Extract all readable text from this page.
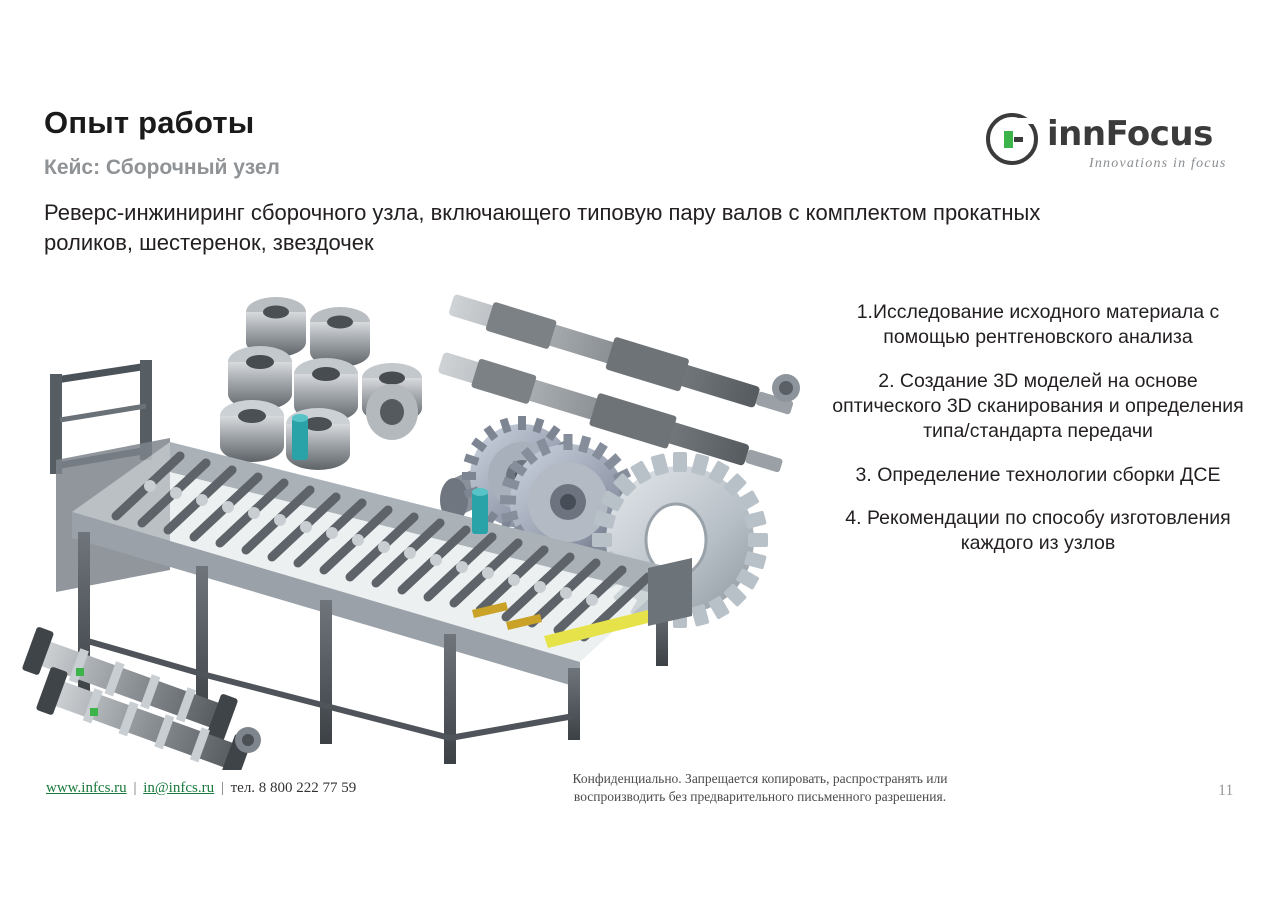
Опыт работы
Кейс: Сборочный узел
Реверс-инжиниринг сборочного узла, включающего типовую пару валов с комплектом прокатных роликов, шестеренок, звездочек
innFocus
Innovations in focus
1.Исследование исходного материала с помощью рентгеновского анализа
2. Создание 3D моделей на основе оптического 3D сканирования и определения типа/стандарта передачи
3. Определение технологии сборки ДСЕ
4. Рекомендации по способу изготовления каждого из узлов
www.infcs.ru | in@infcs.ru | тел. 8 800 222 77 59
Конфиденциально. Запрещается копировать, распространять или
воспроизводить без предварительного письменного разрешения.	11
